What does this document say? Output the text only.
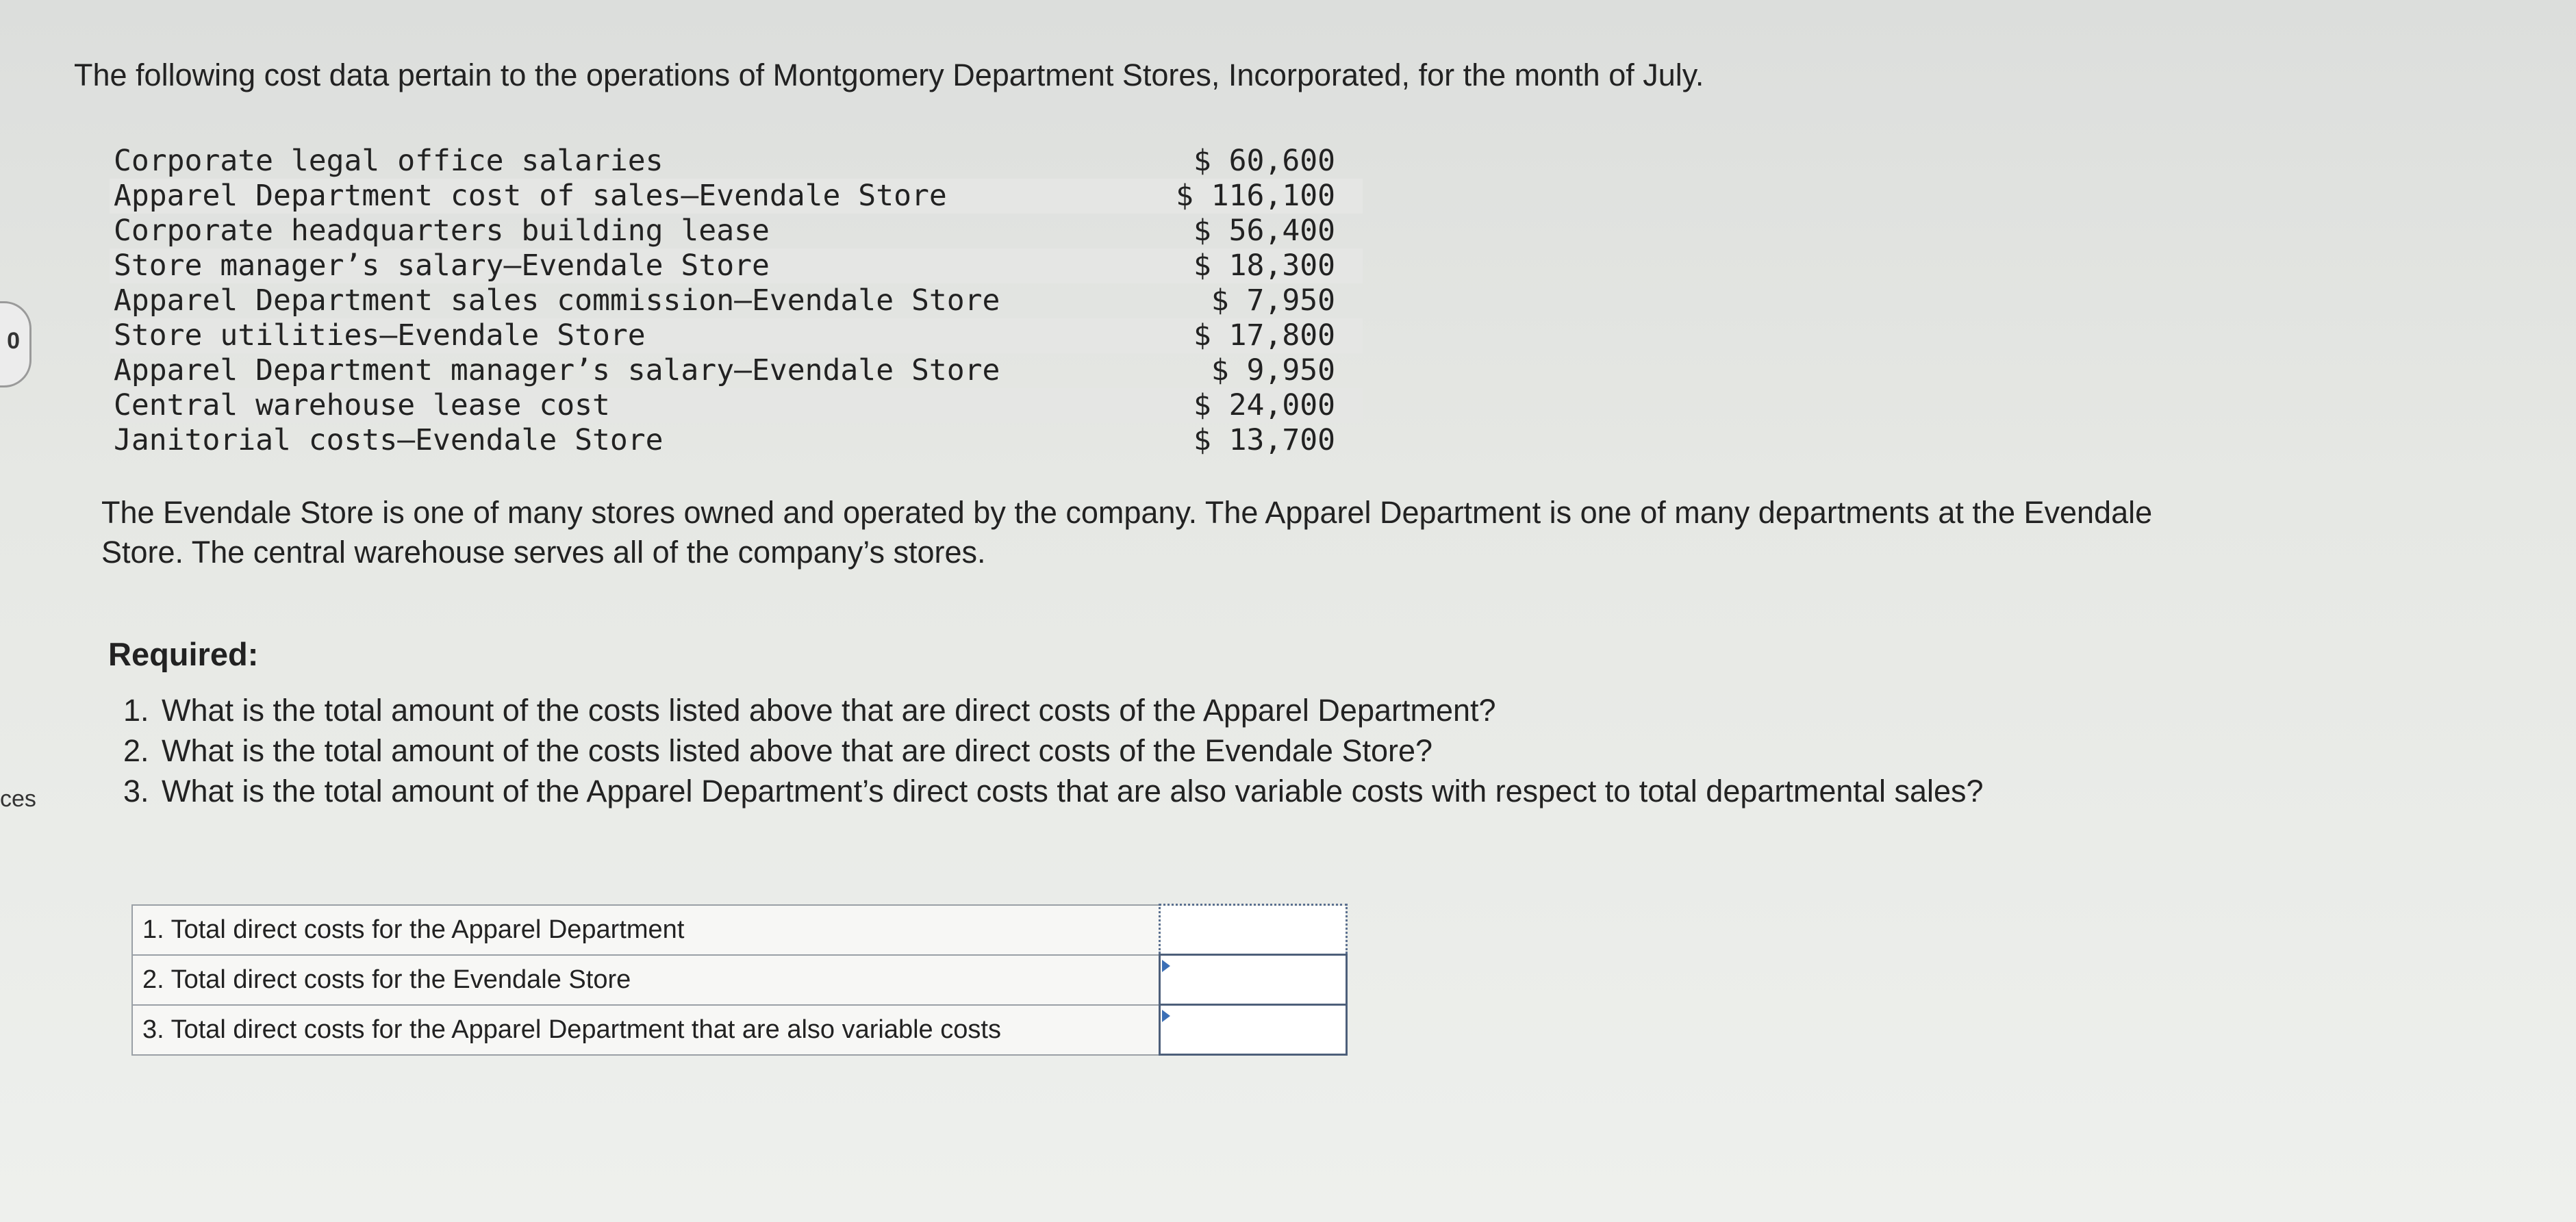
0
ces
The following cost data pertain to the operations of Montgomery Department Stores, Incorporated, for the month of July.
Corporate legal office salaries	$ 60,600
Apparel Department cost of sales–Evendale Store	$ 116,100
Corporate headquarters building lease	$ 56,400
Store manager’s salary–Evendale Store	$ 18,300
Apparel Department sales commission–Evendale Store	$ 7,950
Store utilities–Evendale Store	$ 17,800
Apparel Department manager’s salary–Evendale Store	$ 9,950
Central warehouse lease cost	$ 24,000
Janitorial costs–Evendale Store	$ 13,700
The Evendale Store is one of many stores owned and operated by the company. The Apparel Department is one of many departments at the Evendale Store. The central warehouse serves all of the company’s stores.
Required:
1. What is the total amount of the costs listed above that are direct costs of the Apparel Department?
2. What is the total amount of the costs listed above that are direct costs of the Evendale Store?
3. What is the total amount of the Apparel Department’s direct costs that are also variable costs with respect to total departmental sales?
1. Total direct costs for the Apparel Department	
2. Total direct costs for the Evendale Store	

3. Total direct costs for the Apparel Department that are also variable costs	
